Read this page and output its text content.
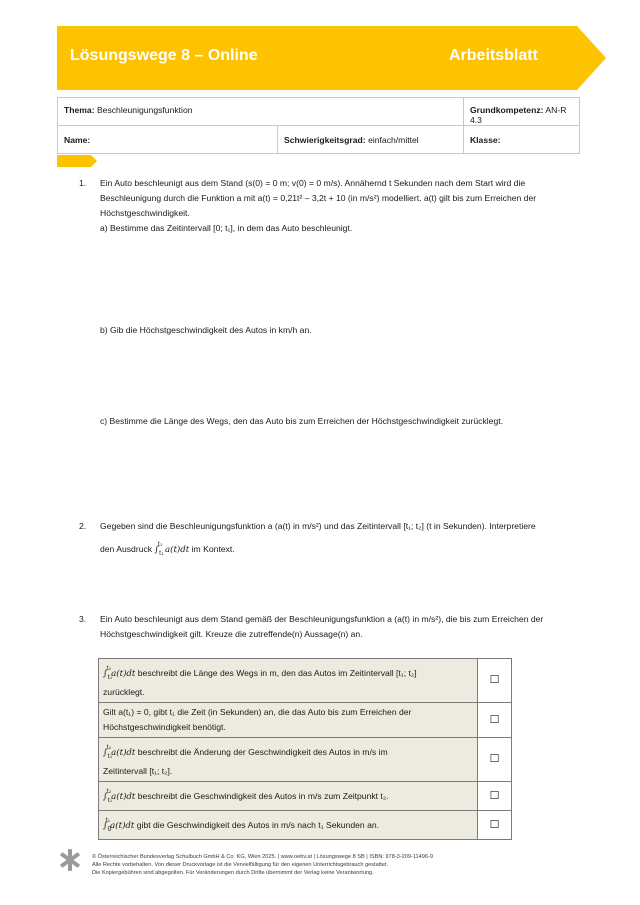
Lösungswege 8 – Online	Arbeitsblatt
Thema: Beschleunigungsfunktion		Grundkompetenz: AN-R 4.3
Name:	Schwierigkeitsgrad: einfach/mittel	Klasse:
1. Ein Auto beschleunigt aus dem Stand (s(0) = 0 m; v(0) = 0 m/s). Annähernd t Sekunden nach dem Start wird die
Beschleunigung durch die Funktion a mit a(t) = 0,21t² – 3,2t + 10 (in m/s²) modelliert. a(t) gilt bis zum Erreichen der
Höchstgeschwindigkeit.
a) Bestimme das Zeitintervall [0; t₁], in dem das Auto beschleunigt.
b) Gib die Höchstgeschwindigkeit des Autos in km/h an.
c) Bestimme die Länge des Wegs, den das Auto bis zum Erreichen der Höchstgeschwindigkeit zurücklegt.
2. Gegeben sind die Beschleunigungsfunktion a (a(t) in m/s²) und das Zeitintervall [t₁; t₂] (t in Sekunden). Interpretiere
den Ausdruck $\int_{t_1}^{t_2}$ a(t)dt im Kontext.
3. Ein Auto beschleunigt aus dem Stand gemäß der Beschleunigungsfunktion a (a(t) in m/s²), die bis zum Erreichen der
Höchstgeschwindigkeit gilt. Kreuze die zutreffende(n) Aussage(n) an.
$\int_{t_1}^{t_2}a(t)dt$ beschreibt die Länge des Wegs in m, den das Autos im Zeitintervall [t₁; t₂]
zurücklegt.	☐
Gilt a(t₁) = 0, gibt t₁ die Zeit (in Sekunden) an, die das Auto bis zum Erreichen der
Höchstgeschwindigkeit benötigt.	☐
$\int_{t_1}^{t_2}a(t)dt$ beschreibt die Änderung der Geschwindigkeit des Autos in m/s im
Zeitintervall [t₁; t₂].	☐
$\int_{t_1}^{t_2}a(t)dt$ beschreibt die Geschwindigkeit des Autos in m/s zum Zeitpunkt t₂.	☐
$\int_0^{t_1}a(t)dt$ gibt die Geschwindigkeit des Autos in m/s nach t₁ Sekunden an.	☐
© Österreichischer Bundesverlag Schulbuch GmbH & Co. KG, Wien 2025. | www.oebv.at | Lösungswege 8 SB | ISBN: 978-3-209-11496-9
Alle Rechte vorbehalten. Von dieser Druckvorlage ist die Vervielfältigung für den eigenen Unterrichtsgebrauch gestattet.
Die Kopiergebühren sind abgegolten. Für Veränderungen durch Dritte übernimmt der Verlag keine Verantwortung.
